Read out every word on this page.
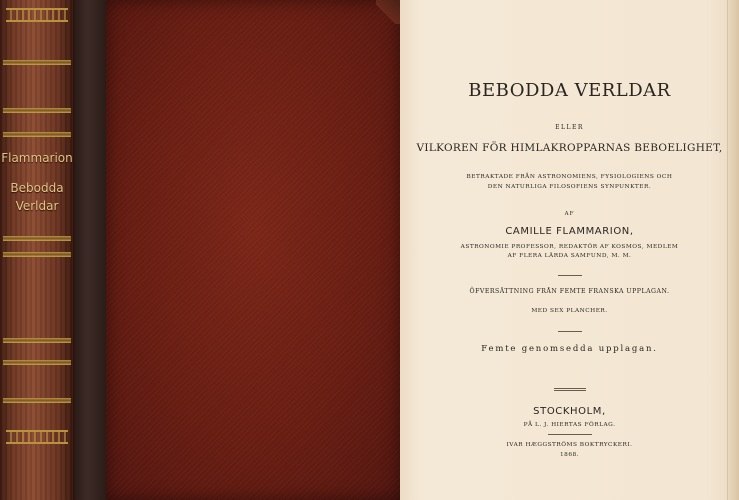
Flammarion
Bebodda
Verldar
BEBODDA VERLDAR
ELLER
VILKOREN FÖR HIMLAKROPPARNAS BEBOELIGHET,
BETRAKTADE FRÅN ASTRONOMIENS, FYSIOLOGIENS OCH
DEN NATURLIGA FILOSOFIENS SYNPUNKTER.
AF
CAMILLE FLAMMARION,
ASTRONOMIE PROFESSOR, REDAKTÖR AF KOSMOS, MEDLEM
AF FLERA LÄRDA SAMFUND, M. M.
ÖFVERSÄTTNING FRÅN FEMTE FRANSKA UPPLAGAN.
MED SEX PLANCHER.
Femte genomsedda upplagan.
STOCKHOLM,
PÅ L. J. HIERTAS FÖRLAG.
IVAR HÆGGSTRÖMS BOKTRYCKERI.
1868.
